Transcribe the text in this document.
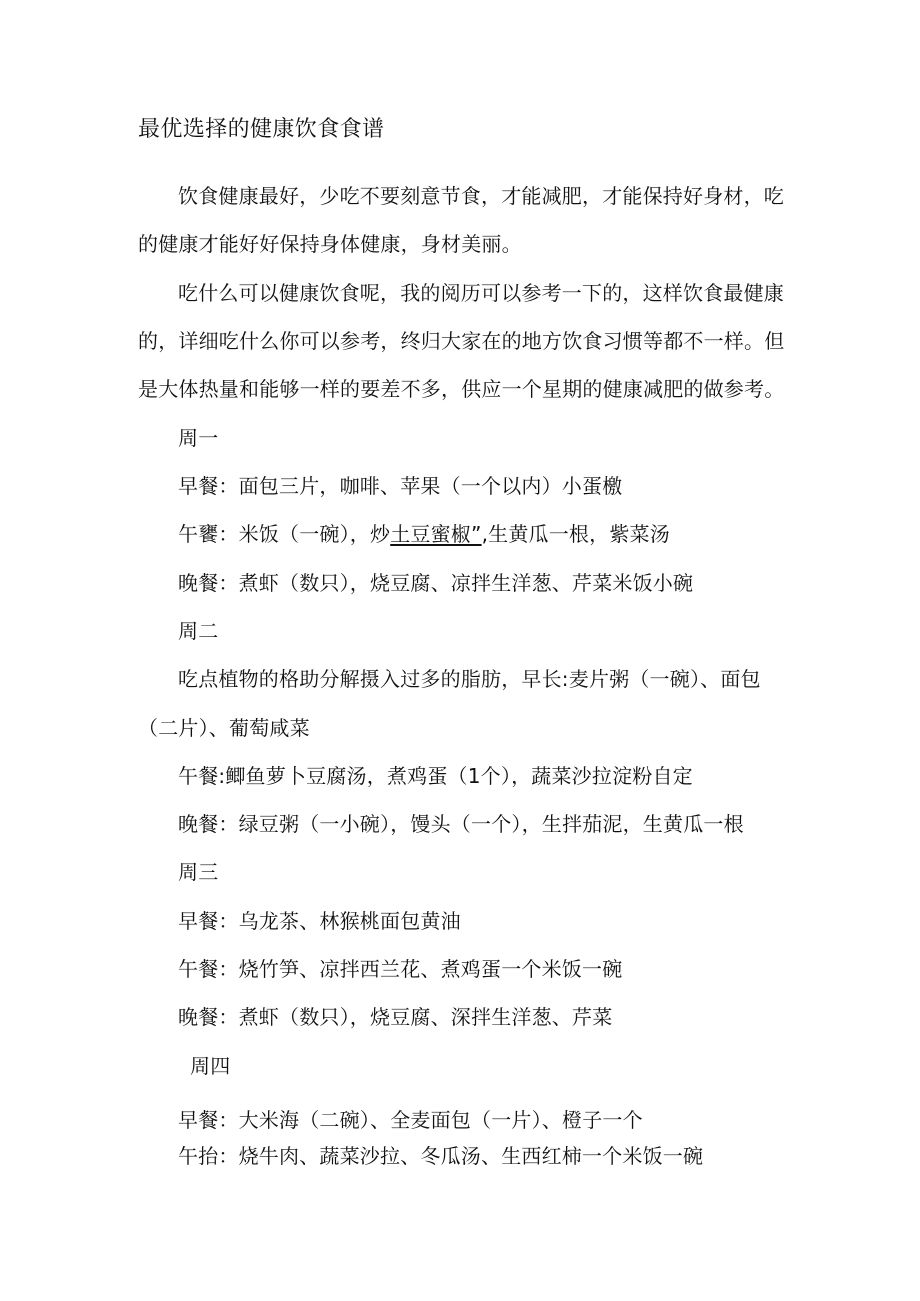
最优选择的健康饮食食谱
饮食健康最好，少吃不要刻意节食，才能减肥，才能保持好身材，吃
的健康才能好好保持身体健康，身材美丽。
吃什么可以健康饮食呢，我的阅历可以参考一下的，这样饮食最健康
的，详细吃什么你可以参考，终归大家在的地方饮食习惯等都不一样。但
是大体热量和能够一样的要差不多，供应一个星期的健康减肥的做参考。
周一
早餐：面包三片，咖啡、苹果（一个以内）小蛋檄
午饔：米饭（一碗），炒土豆蜜椒”,生黄瓜一根，紫菜汤
晚餐：煮虾（数只），烧豆腐、凉拌生洋葱、芹菜米饭小碗
周二
吃点植物的格助分解摄入过多的脂肪，早长:麦片粥（一碗）、面包
（二片）、葡萄咸菜
午餐:鲫鱼萝卜豆腐汤，煮鸡蛋（1个），蔬菜沙拉淀粉自定
晚餐：绿豆粥（一小碗），馒头（一个），生拌茄泥，生黄瓜一根
周三
早餐：乌龙茶、林猴桃面包黄油
午餐：烧竹笋、凉拌西兰花、煮鸡蛋一个米饭一碗
晚餐：煮虾（数只），烧豆腐、深拌生洋葱、芹菜
周四
早餐：大米海（二碗）、全麦面包（一片）、橙子一个
午抬：烧牛肉、蔬菜沙拉、冬瓜汤、生西红柿一个米饭一碗
